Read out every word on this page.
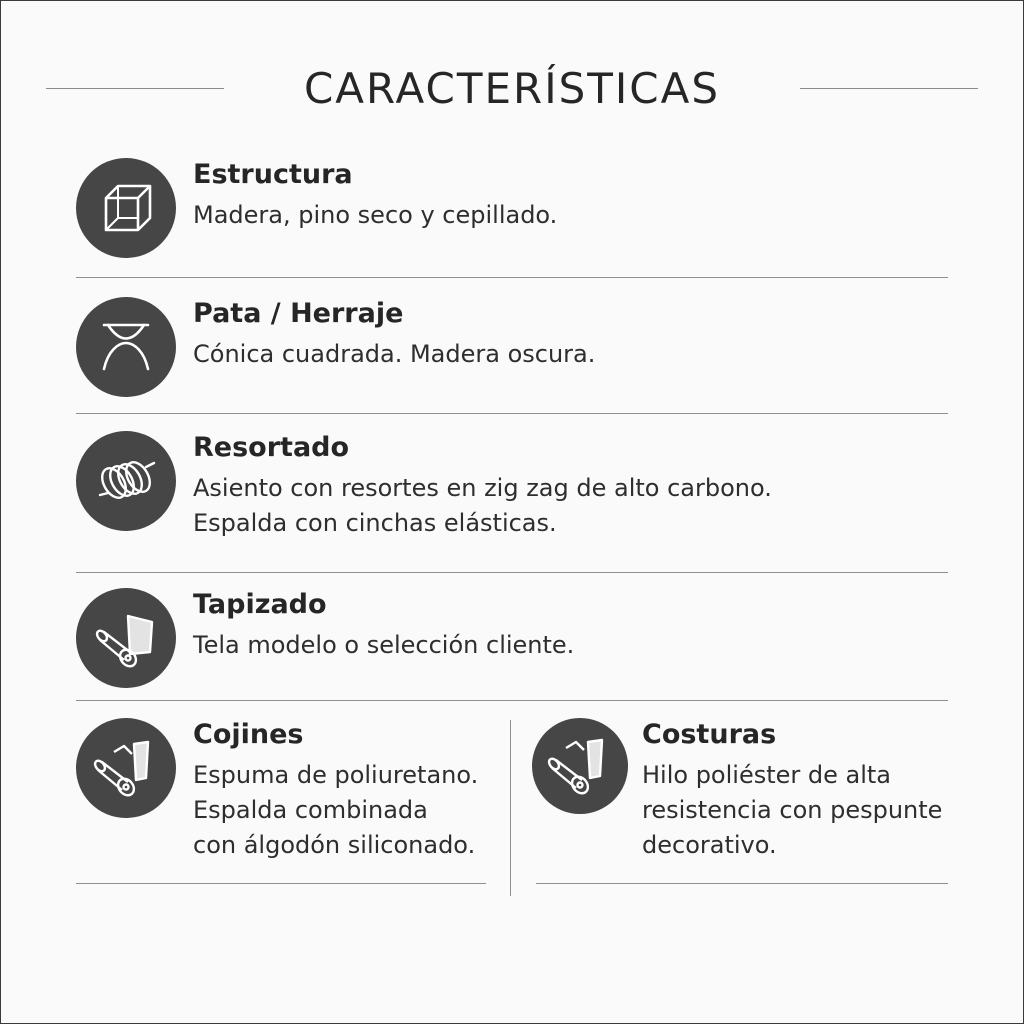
CARACTERÍSTICAS
Estructura
Madera, pino seco y cepillado.
Pata / Herraje
Cónica cuadrada. Madera oscura.
Resortado
Asiento con resortes en zig zag de alto carbono.
Espalda con cinchas elásticas.
Tapizado
Tela modelo o selección cliente.
Cojines
Espuma de poliuretano.
Espalda combinada
con álgodón siliconado.
Costuras
Hilo poliéster de alta
resistencia con pespunte
decorativo.
